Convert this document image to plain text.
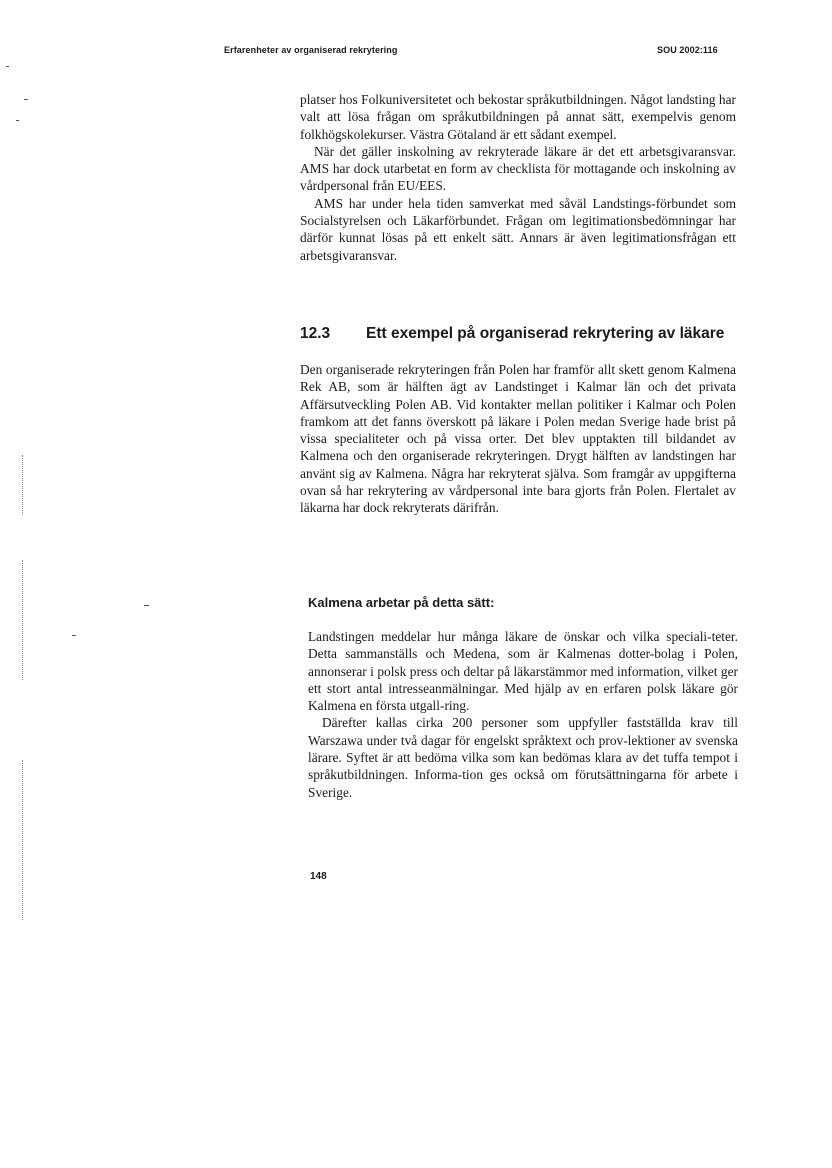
Erfarenheter av organiserad rekrytering	SOU 2002:116

platser hos Folkuniversitetet och bekostar språkutbildningen. Något landsting har valt att lösa frågan om språkutbildningen på annat sätt, exempelvis genom folkhögskolekurser. Västra Götaland är ett sådant exempel.

När det gäller inskolning av rekryterade läkare är det ett arbetsgivaransvar. AMS har dock utarbetat en form av checklista för mottagande och inskolning av vårdpersonal från EU/EES.

AMS har under hela tiden samverkat med såväl Landstings-förbundet som Socialstyrelsen och Läkarförbundet. Frågan om legitimationsbedömningar har därför kunnat lösas på ett enkelt sätt. Annars är även legitimationsfrågan ett arbetsgivaransvar.

12.3 Ett exempel på organiserad rekrytering av läkare

Den organiserade rekryteringen från Polen har framför allt skett genom Kalmena Rek AB, som är hälften ägt av Landstinget i Kalmar län och det privata Affärsutveckling Polen AB. Vid kontakter mellan politiker i Kalmar och Polen framkom att det fanns överskott på läkare i Polen medan Sverige hade brist på vissa specialiteter och på vissa orter. Det blev upptakten till bildandet av Kalmena och den organiserade rekryteringen. Drygt hälften av landstingen har använt sig av Kalmena. Några har rekryterat själva. Som framgår av uppgifterna ovan så har rekrytering av vårdpersonal inte bara gjorts från Polen. Flertalet av läkarna har dock rekryterats därifrån.

Kalmena arbetar på detta sätt:

Landstingen meddelar hur många läkare de önskar och vilka speciali-teter. Detta sammanställs och Medena, som är Kalmenas dotter-bolag i Polen, annonserar i polsk press och deltar på läkarstämmor med information, vilket ger ett stort antal intresseanmälningar. Med hjälp av en erfaren polsk läkare gör Kalmena en första utgall-ring.

Därefter kallas cirka 200 personer som uppfyller fastställda krav till Warszawa under två dagar för engelskt språktext och prov-lektioner av svenska lärare. Syftet är att bedöma vilka som kan bedömas klara av det tuffa tempot i språkutbildningen. Informa-tion ges också om förutsättningarna för arbete i Sverige.

148
